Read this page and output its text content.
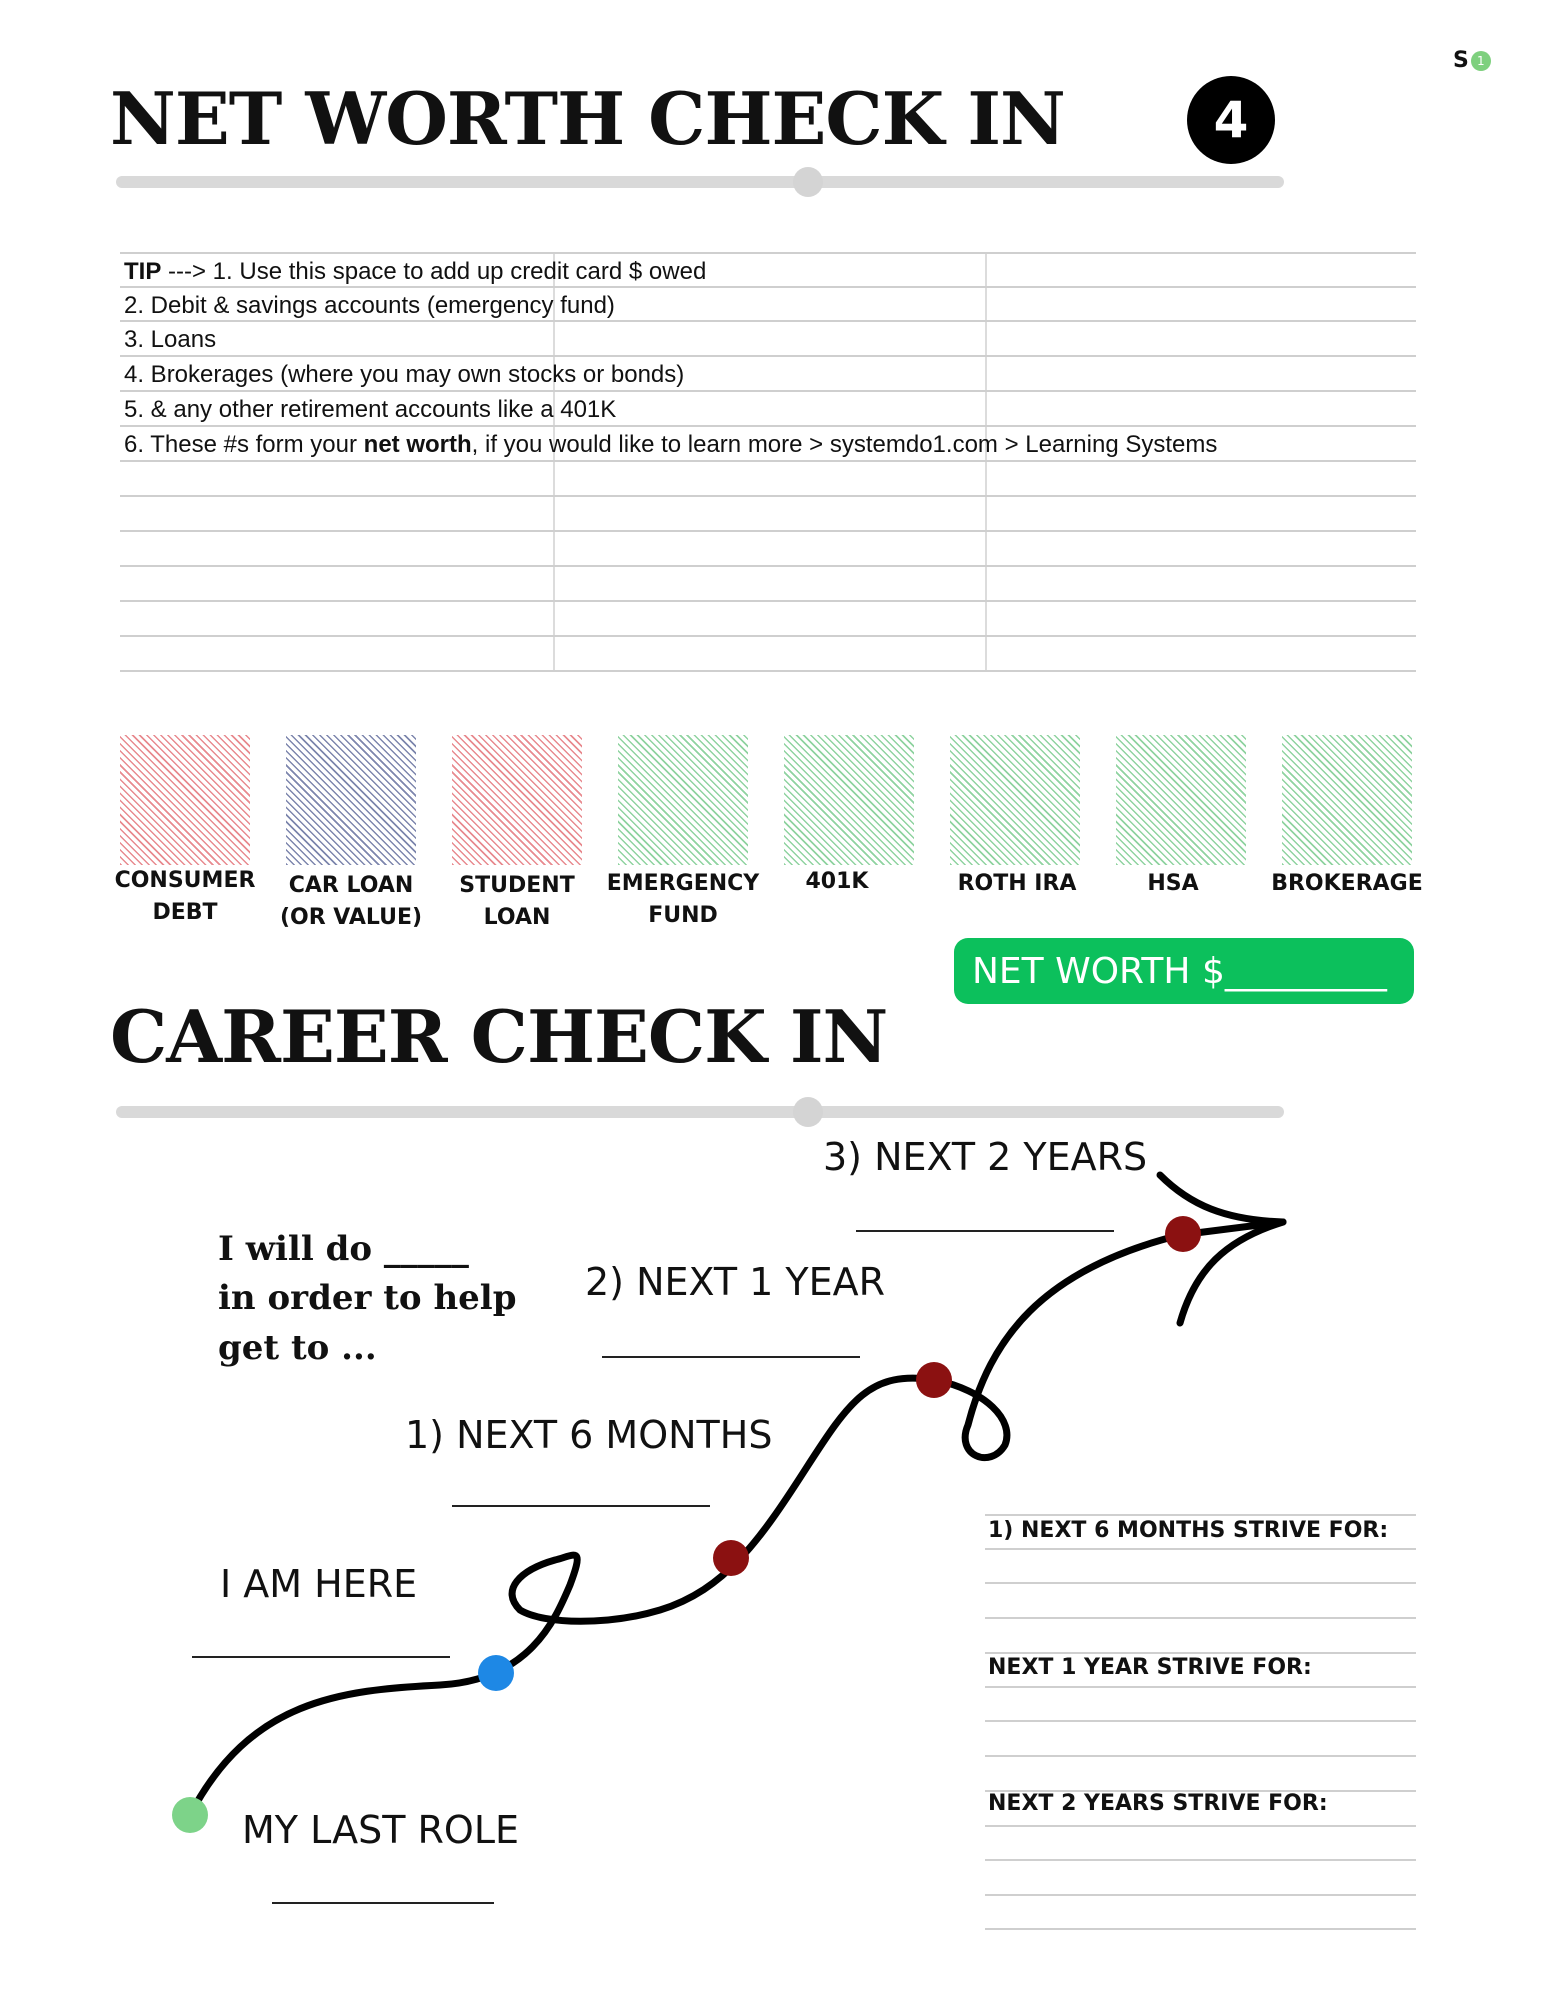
S 1
NET WORTH CHECK IN	4
TIP ---> 1. Use this space to add up credit card $ owed
2. Debit & savings accounts (emergency fund)
3. Loans
4. Brokerages (where you may own stocks or bonds)
5. & any other retirement accounts like a 401K
6. These #s form your net worth, if you would like to learn more > systemdo1.com > Learning Systems
CONSUMER
DEBT
CAR LOAN
(OR VALUE)
STUDENT
LOAN
EMERGENCY
FUND
401K	ROTH IRA	HSA	BROKERAGE
NET WORTH $_________
CAREER CHECK IN
3) NEXT 2 YEARS
2) NEXT 1 YEAR
1) NEXT 6 MONTHS
I AM HERE
MY LAST ROLE
I will do _____
in order to help
get to ...
1) NEXT 6 MONTHS STRIVE FOR:
NEXT 1 YEAR STRIVE FOR:
NEXT 2 YEARS STRIVE FOR:
